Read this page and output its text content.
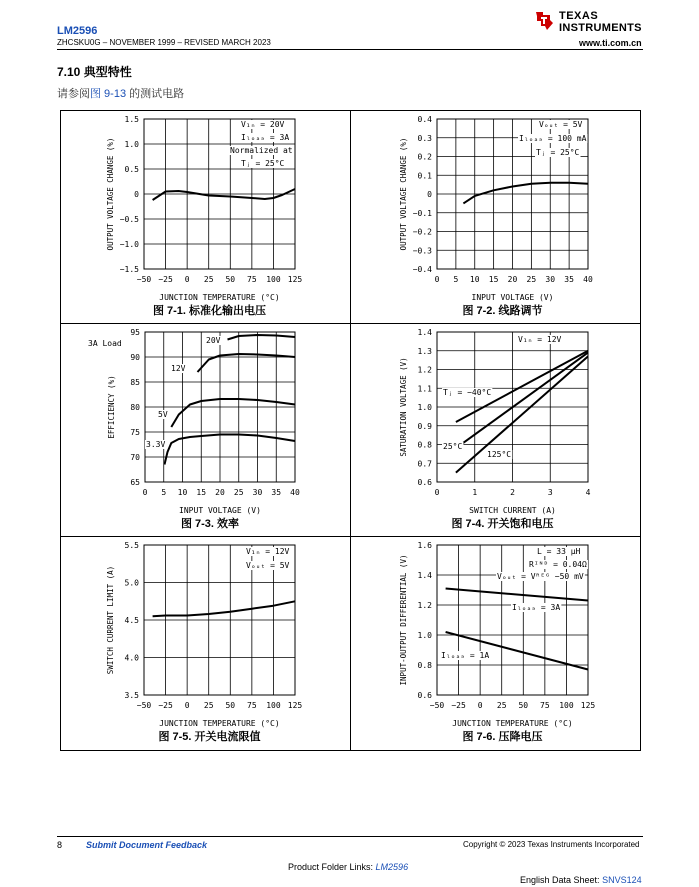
LM2596
ZHCSKU0G – NOVEMBER 1999 – REVISED MARCH 2023
TEXAS
INSTRUMENTS
www.ti.com.cn
7.10 典型特性
请参阅图 9-13 的测试电路
1.5
1.0
0.5
0
−0.5
−1.0
−1.5
−50 −25 0 25 50 75 100 125
JUNCTION TEMPERATURE (°C)
OUTPUT VOLTAGE CHANGE (%)
图 7-1. 标准化输出电压
V₁ₙ = 20V
Iₗₒₐₔ = 3A
Normalized at
Tⱼ = 25°C
0.4
0.3
0.2
0.1
0
−0.1
−0.2
−0.3
−0.4
0 5 10 15 20 25 30 35 40
INPUT VOLTAGE (V)
OUTPUT VOLTAGE CHANGE (%)
图 7-2. 线路调节
Vₒᵤₜ = 5V
Iₗₒₐₔ = 100 mA
Tⱼ = 25°C
95
90
85
80
75
70
65
0 5 10 15 20 25 30 35 40
INPUT VOLTAGE (V)
EFFICIENCY (%)
图 7-3. 效率
3A Load	20V
12V
5V
3.3V
1.4
1.3
1.2
1.1
1.0
0.9
0.8
0.7
0.6
0	1	2	3	4
SWITCH CURRENT (A)
SATURATION VOLTAGE (V)
图 7-4. 开关饱和电压
V₁ₙ = 12V
Tⱼ = −40°C
25°C
125°C
5.5
5.0
4.5
4.0
3.5
−50 −25 0 25 50 75 100 125
JUNCTION TEMPERATURE (°C)
SWITCH CURRENT LIMIT (A)
图 7-5. 开关电流限值
V₁ₙ = 12V
Vₒᵤₜ = 5V
1.6
1.4
1.2
1.0
0.8
0.6
−50 −25 0 25 50 75 100 125
JUNCTION TEMPERATURE (°C)
INPUT-OUTPUT DIFFERENTIAL (V)
图 7-6. 压降电压
L = 33 μH
Rᴵᴺᴰ = 0.04Ω
Vₒᵤₜ = Vᴿᴱᴳ −50 mV
Iₗₒₐₔ = 3A
Iₗₒₐₔ = 1A
8	Submit Document Feedback	Copyright © 2023 Texas Instruments Incorporated
Product Folder Links: LM2596
English Data Sheet: SNVS124
